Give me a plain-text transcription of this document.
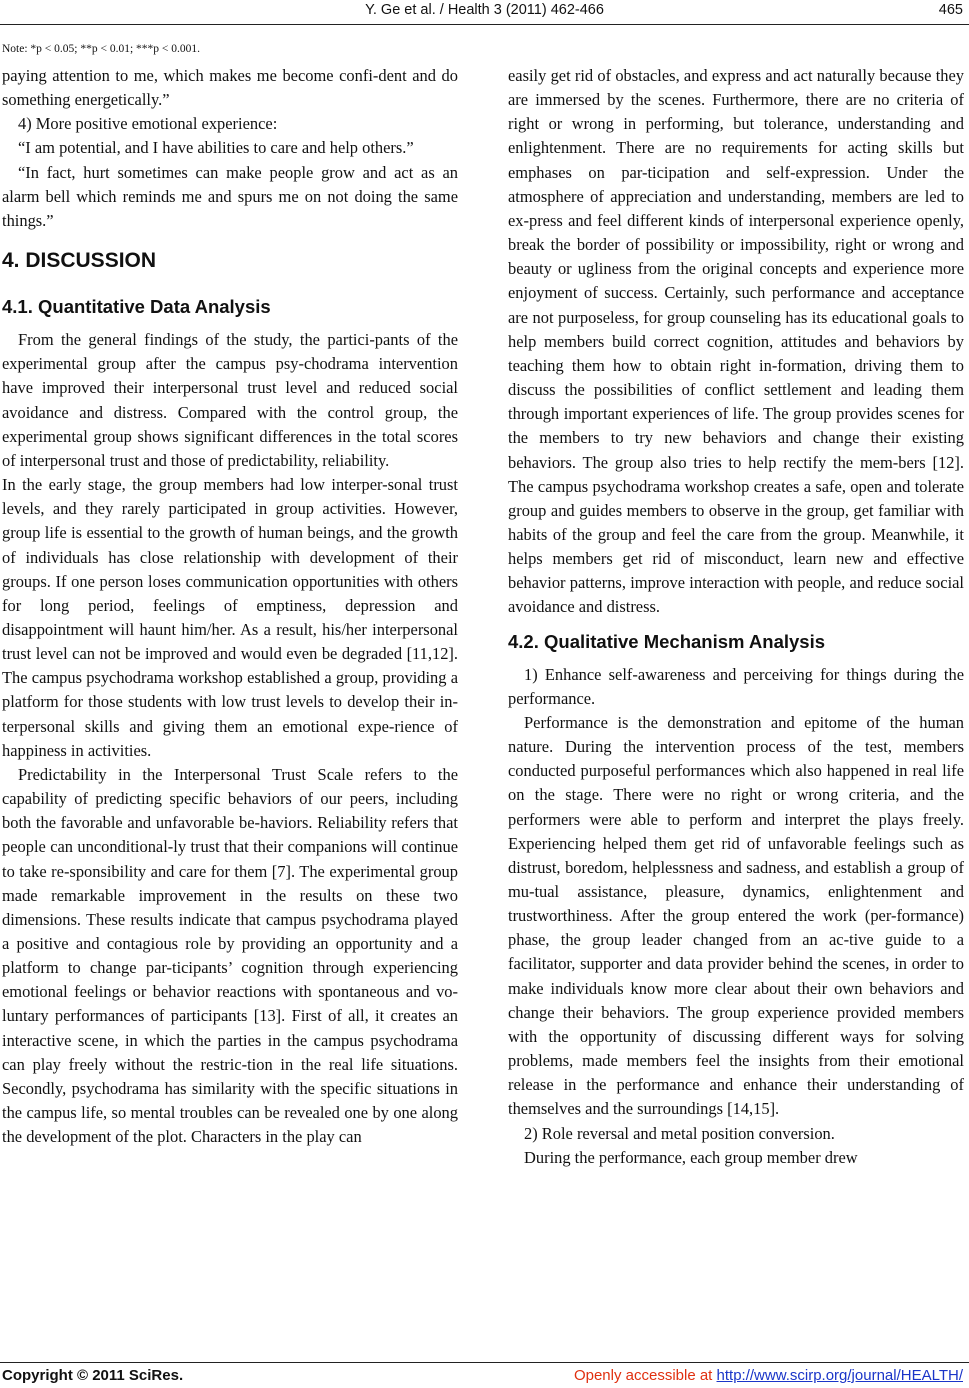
Y. Ge et al. / Health 3 (2011) 462-466	465
Note: *p < 0.05; **p < 0.01; ***p < 0.001.

paying attention to me, which makes me become confi-dent and do something energetically.”

4) More positive emotional experience:

“I am potential, and I have abilities to care and help others.”

“In fact, hurt sometimes can make people grow and act as an alarm bell which reminds me and spurs me on not doing the same things.”

4. DISCUSSION
4.1. Quantitative Data Analysis

From the general findings of the study, the partici-pants of the experimental group after the campus psy-chodrama intervention have improved their interpersonal trust level and reduced social avoidance and distress. Compared with the control group, the experimental group shows significant differences in the total scores of interpersonal trust and those of predictability, reliability.

In the early stage, the group members had low interper-sonal trust levels, and they rarely participated in group activities. However, group life is essential to the growth of human beings, and the growth of individuals has close relationship with development of their groups. If one person loses communication opportunities with others for long period, feelings of emptiness, depression and disappointment will haunt him/her. As a result, his/her interpersonal trust level can not be improved and would even be degraded [11,12]. The campus psychodrama workshop established a group, providing a platform for those students with low trust levels to develop their in-terpersonal skills and giving them an emotional expe-rience of happiness in activities.

Predictability in the Interpersonal Trust Scale refers to the capability of predicting specific behaviors of our peers, including both the favorable and unfavorable be-haviors. Reliability refers that people can unconditional-ly trust that their companions will continue to take re-sponsibility and care for them [7]. The experimental group made remarkable improvement in the results on these two dimensions. These results indicate that campus psychodrama played a positive and contagious role by providing an opportunity and a platform to change par-ticipants’ cognition through experiencing emotional feelings or behavior reactions with spontaneous and vo-luntary performances of participants [13]. First of all, it creates an interactive scene, in which the parties in the campus psychodrama can play freely without the restric-tion in the real life situations. Secondly, psychodrama has similarity with the specific situations in the campus life, so mental troubles can be revealed one by one along the development of the plot. Characters in the play can

easily get rid of obstacles, and express and act naturally because they are immersed by the scenes. Furthermore, there are no criteria of right or wrong in performing, but tolerance, understanding and enlightenment. There are no requirements for acting skills but emphases on par-ticipation and self-expression. Under the atmosphere of appreciation and understanding, members are led to ex-press and feel different kinds of interpersonal experience openly, break the border of possibility or impossibility, right or wrong and beauty or ugliness from the original concepts and experience more enjoyment of success. Certainly, such performance and acceptance are not purposeless, for group counseling has its educational goals to help members build correct cognition, attitudes and behaviors by teaching them how to obtain right in-formation, driving them to discuss the possibilities of conflict settlement and leading them through important experiences of life. The group provides scenes for the members to try new behaviors and change their existing behaviors. The group also tries to help rectify the mem-bers [12]. The campus psychodrama workshop creates a safe, open and tolerate group and guides members to observe in the group, get familiar with habits of the group and feel the care from the group. Meanwhile, it helps members get rid of misconduct, learn new and effective behavior patterns, improve interaction with people, and reduce social avoidance and distress.

4.2. Qualitative Mechanism Analysis

1) Enhance self-awareness and perceiving for things during the performance.

Performance is the demonstration and epitome of the human nature. During the intervention process of the test, members conducted purposeful performances which also happened in real life on the stage. There were no right or wrong criteria, and the performers were able to perform and interpret the plays freely. Experiencing helped them get rid of unfavorable feelings such as distrust, boredom, helplessness and sadness, and establish a group of mu-tual assistance, pleasure, dynamics, enlightenment and trustworthiness. After the group entered the work (per-formance) phase, the group leader changed from an ac-tive guide to a facilitator, supporter and data provider behind the scenes, in order to make individuals know more clear about their own behaviors and change their behaviors. The group experience provided members with the opportunity of discussing different ways for solving problems, made members feel the insights from their emotional release in the performance and enhance their understanding of themselves and the surroundings [14,15].

2) Role reversal and metal position conversion.

During the performance, each group member drew

Copyright © 2011 SciRes.	Openly accessible at http://www.scirp.org/journal/HEALTH/
